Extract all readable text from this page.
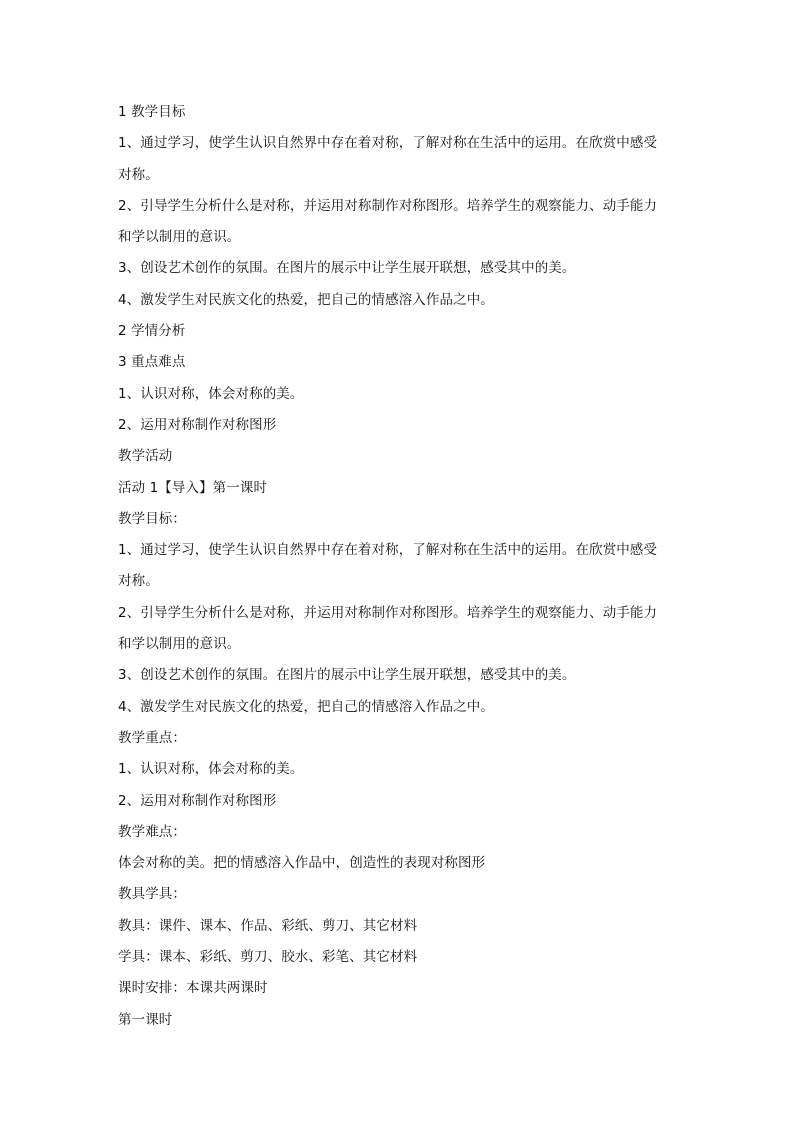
1 教学目标
1、通过学习，使学生认识自然界中存在着对称，了解对称在生活中的运用。在欣赏中感受
对称。
2、引导学生分析什么是对称，并运用对称制作对称图形。培养学生的观察能力、动手能力
和学以制用的意识。
3、创设艺术创作的氛围。在图片的展示中让学生展开联想，感受其中的美。
4、激发学生对民族文化的热爱，把自己的情感溶入作品之中。
2 学情分析
3 重点难点
1、认识对称，体会对称的美。
2、运用对称制作对称图形
教学活动
活动 1【导入】第一课时
教学目标：
1、通过学习，使学生认识自然界中存在着对称，了解对称在生活中的运用。在欣赏中感受
对称。
2、引导学生分析什么是对称，并运用对称制作对称图形。培养学生的观察能力、动手能力
和学以制用的意识。
3、创设艺术创作的氛围。在图片的展示中让学生展开联想，感受其中的美。
4、激发学生对民族文化的热爱，把自己的情感溶入作品之中。
教学重点：
1、认识对称，体会对称的美。
2、运用对称制作对称图形
教学难点：
体会对称的美。把的情感溶入作品中，创造性的表现对称图形
教具学具：
教具：课件、课本、作品、彩纸、剪刀、其它材料
学具：课本、彩纸、剪刀、胶水、彩笔、其它材料
课时安排：本课共两课时
第一课时
